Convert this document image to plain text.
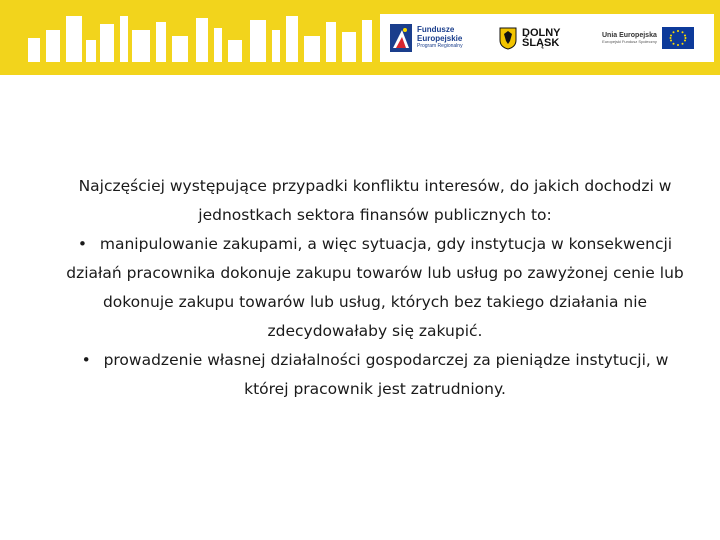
Fundusze
Europejskie
Program Regionalny
DOLNY
ŚLĄSK
Unia Europejska
Europejski Fundusz Społeczny

Najczęściej występujące przypadki konfliktu interesów, do jakich dochodzi w jednostkach sektora finansów publicznych to:

• manipulowanie zakupami, a więc sytuacja, gdy instytucja w konsekwencji działań pracownika dokonuje zakupu towarów lub usług po zawyżonej cenie lub dokonuje zakupu towarów lub usług, których bez takiego działania nie zdecydowałaby się zakupić.

• prowadzenie własnej działalności gospodarczej za pieniądze instytucji, w której pracownik jest zatrudniony.
